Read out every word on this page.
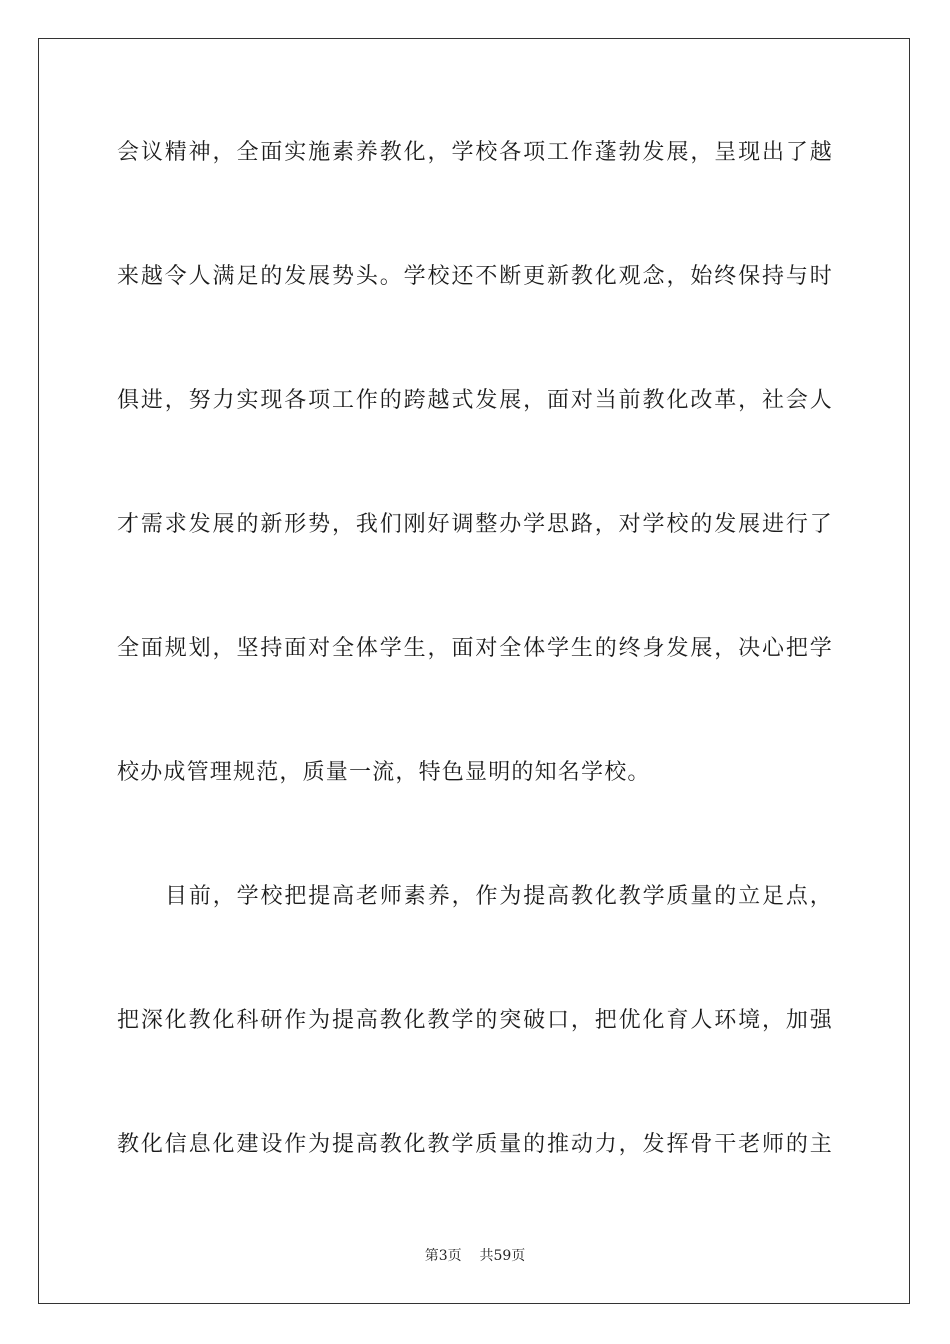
会议精神，全面实施素养教化，学校各项工作蓬勃发展，呈现出了越
来越令人满足的发展势头。学校还不断更新教化观念，始终保持与时
俱进，努力实现各项工作的跨越式发展，面对当前教化改革，社会人
才需求发展的新形势，我们刚好调整办学思路，对学校的发展进行了
全面规划，坚持面对全体学生，面对全体学生的终身发展，决心把学
校办成管理规范，质量一流，特色显明的知名学校。
目前，学校把提高老师素养，作为提高教化教学质量的立足点，
把深化教化科研作为提高教化教学的突破口，把优化育人环境，加强
教化信息化建设作为提高教化教学质量的推动力，发挥骨干老师的主
第3页 共59页
